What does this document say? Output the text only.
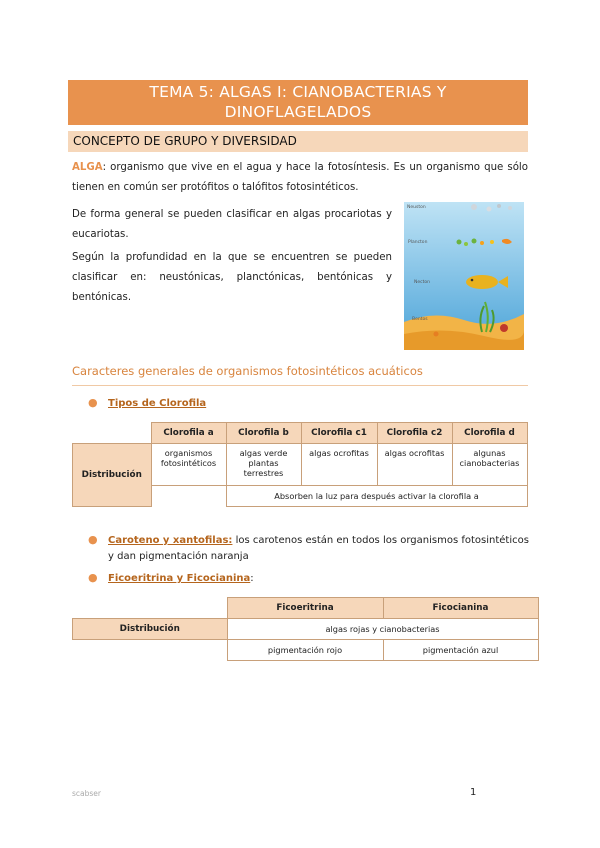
TEMA 5: ALGAS I: CIANOBACTERIAS Y
DINOFLAGELADOS
CONCEPTO DE GRUPO Y DIVERSIDAD

ALGA: organismo que vive en el agua y hace la fotosíntesis. Es un organismo que sólo tienen en común ser protófitos o talófitos fotosintéticos.

De forma general se pueden clasificar en algas procariotas y eucariotas.

Según la profundidad en la que se encuentren se pueden clasificar en: neustónicas, planctónicas, bentónicas y bentónicas.

Neuston
Plancton
Necton
Bentos
Caracteres generales de organismos fotosintéticos acuáticos
● Tipos de Clorofila
	Clorofila a	Clorofila b	Clorofila c1	Clorofila c2	Clorofila d
Distribución	organismos fotosintéticos	algas verde plantas terrestres	algas ocrofitas	algas ocrofitas	algunas cianobacterias
		Absorben la luz para después activar la clorofila a			
● Caroteno y xantofilas: los carotenos están en todos los organismos fotosintéticos
y dan pigmentación naranja
● Ficoeritrina y Ficocianina:
	Ficoeritrina	Ficocianina
Distribución	algas rojas y cianobacterias	
	pigmentación rojo	pigmentación azul
scabser	1
